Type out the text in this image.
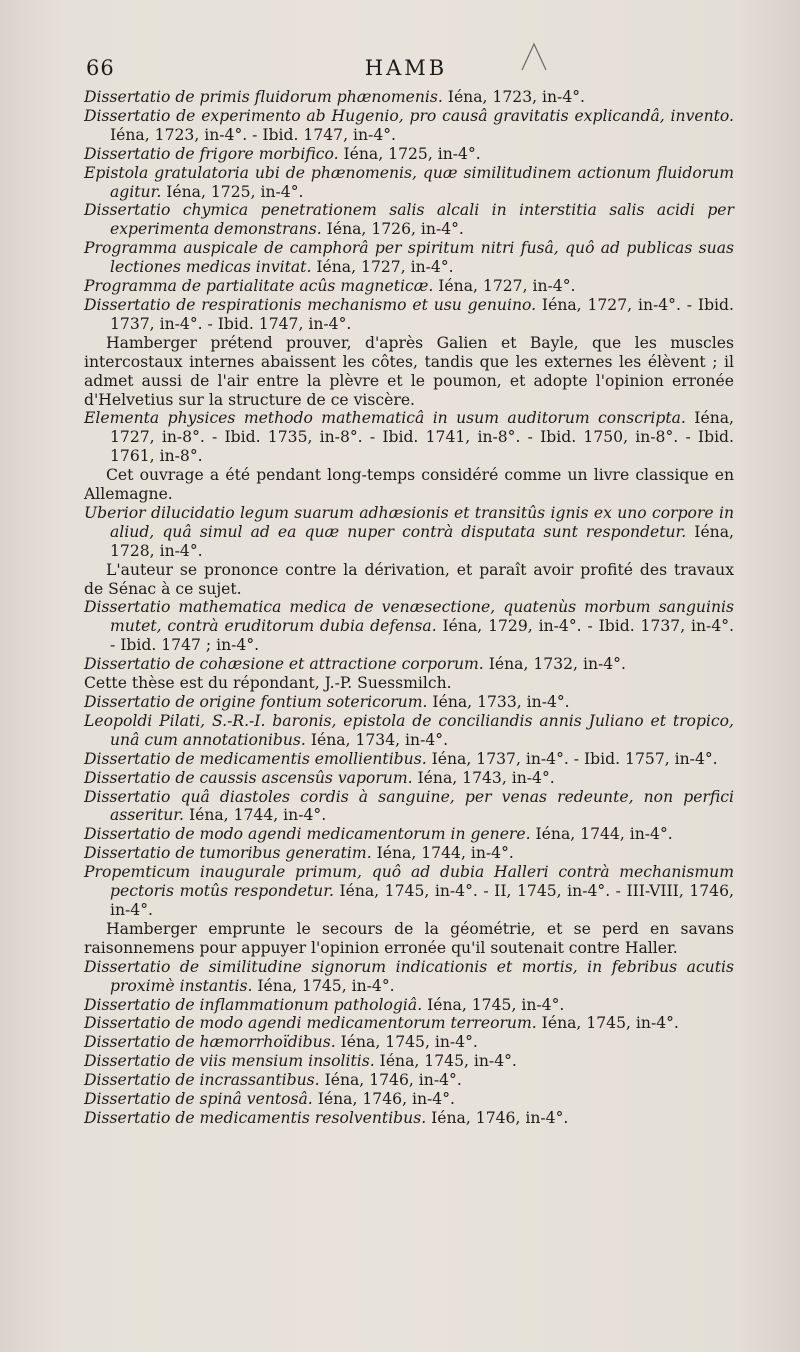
66	HAMB

Dissertatio de primis fluidorum phænomenis. Iéna, 1723, in-4°.

Dissertatio de experimento ab Hugenio, pro causâ gravitatis explicandâ, invento. Iéna, 1723, in-4°. - Ibid. 1747, in-4°.

Dissertatio de frigore morbifico. Iéna, 1725, in-4°.

Epistola gratulatoria ubi de phænomenis, quæ similitudinem actionum fluidorum agitur. Iéna, 1725, in-4°.

Dissertatio chymica penetrationem salis alcali in interstitia salis acidi per experimenta demonstrans. Iéna, 1726, in-4°.

Programma auspicale de camphorâ per spiritum nitri fusâ, quô ad publicas suas lectiones medicas invitat. Iéna, 1727, in-4°.

Programma de partialitate acûs magneticæ. Iéna, 1727, in-4°.

Dissertatio de respirationis mechanismo et usu genuino. Iéna, 1727, in-4°. - Ibid. 1737, in-4°. - Ibid. 1747, in-4°.

Hamberger prétend prouver, d'après Galien et Bayle, que les muscles intercostaux internes abaissent les côtes, tandis que les externes les élèvent ; il admet aussi de l'air entre la plèvre et le poumon, et adopte l'opinion erronée d'Helvetius sur la structure de ce viscère.

Elementa physices methodo mathematicâ in usum auditorum conscripta. Iéna, 1727, in-8°. - Ibid. 1735, in-8°. - Ibid. 1741, in-8°. - Ibid. 1750, in-8°. - Ibid. 1761, in-8°.

Cet ouvrage a été pendant long-temps considéré comme un livre classique en Allemagne.

Uberior dilucidatio legum suarum adhæsionis et transitûs ignis ex uno corpore in aliud, quâ simul ad ea quæ nuper contrà disputata sunt respondetur. Iéna, 1728, in-4°.

L'auteur se prononce contre la dérivation, et paraît avoir profité des travaux de Sénac à ce sujet.

Dissertatio mathematica medica de venæsectione, quatenùs morbum sanguinis mutet, contrà eruditorum dubia defensa. Iéna, 1729, in-4°. - Ibid. 1737, in-4°. - Ibid. 1747 ; in-4°.

Dissertatio de cohæsione et attractione corporum. Iéna, 1732, in-4°.

Cette thèse est du répondant, J.-P. Suessmilch.

Dissertatio de origine fontium sotericorum. Iéna, 1733, in-4°.

Leopoldi Pilati, S.-R.-I. baronis, epistola de conciliandis annis Juliano et tropico, unâ cum annotationibus. Iéna, 1734, in-4°.

Dissertatio de medicamentis emollientibus. Iéna, 1737, in-4°. - Ibid. 1757, in-4°.

Dissertatio de caussis ascensûs vaporum. Iéna, 1743, in-4°.

Dissertatio quâ diastoles cordis à sanguine, per venas redeunte, non perfici asseritur. Iéna, 1744, in-4°.

Dissertatio de modo agendi medicamentorum in genere. Iéna, 1744, in-4°.

Dissertatio de tumoribus generatim. Iéna, 1744, in-4°.

Propemticum inaugurale primum, quô ad dubia Halleri contrà mechanismum pectoris motûs respondetur. Iéna, 1745, in-4°. - II, 1745, in-4°. - III-VIII, 1746, in-4°.

Hamberger emprunte le secours de la géométrie, et se perd en savans raisonnemens pour appuyer l'opinion erronée qu'il soutenait contre Haller.

Dissertatio de similitudine signorum indicationis et mortis, in febribus acutis proximè instantis. Iéna, 1745, in-4°.

Dissertatio de inflammationum pathologiâ. Iéna, 1745, in-4°.

Dissertatio de modo agendi medicamentorum terreorum. Iéna, 1745, in-4°.

Dissertatio de hæmorrhoïdibus. Iéna, 1745, in-4°.

Dissertatio de viis mensium insolitis. Iéna, 1745, in-4°.

Dissertatio de incrassantibus. Iéna, 1746, in-4°.

Dissertatio de spinâ ventosâ. Iéna, 1746, in-4°.

Dissertatio de medicamentis resolventibus. Iéna, 1746, in-4°.
